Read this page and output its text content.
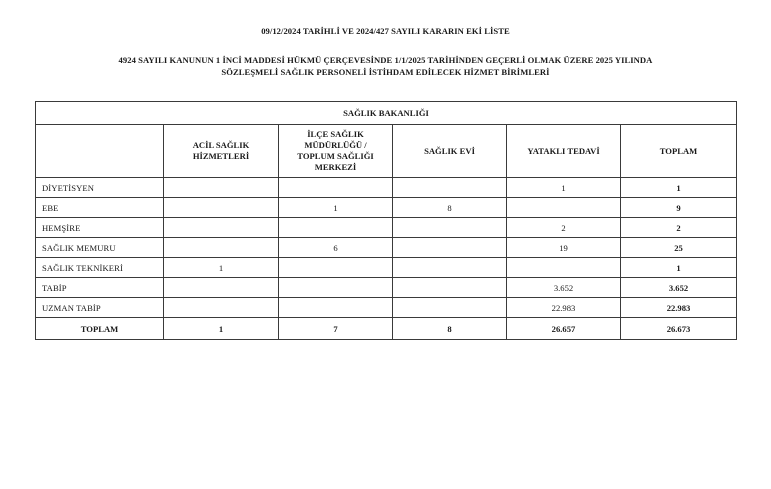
09/12/2024 TARİHLİ VE 2024/427 SAYILI KARARIN EKİ LİSTE
4924 SAYILI KANUNUN 1 İNCİ MADDESİ HÜKMÜ ÇERÇEVESİNDE 1/1/2025 TARİHİNDEN GEÇERLİ OLMAK ÜZERE 2025 YILINDA
SÖZLEŞMELİ SAĞLIK PERSONELİ İSTİHDAM EDİLECEK HİZMET BİRİMLERİ
SAĞLIK BAKANLIĞI					

	ACİL SAĞLIK
HİZMETLERİ	İLÇE SAĞLIK
MÜDÜRLÜĞÜ /
TOPLUM SAĞLIĞI
MERKEZİ	SAĞLIK EVİ	YATAKLI TEDAVİ	TOPLAM

DİYETİSYEN				1	1
EBE		1	8		9
HEMŞİRE				2	2
SAĞLIK MEMURU		6		19	25
SAĞLIK TEKNİKERİ	1				1
TABİP				3.652	3.652
UZMAN TABİP				22.983	22.983
TOPLAM	1	7	8	26.657	26.673
